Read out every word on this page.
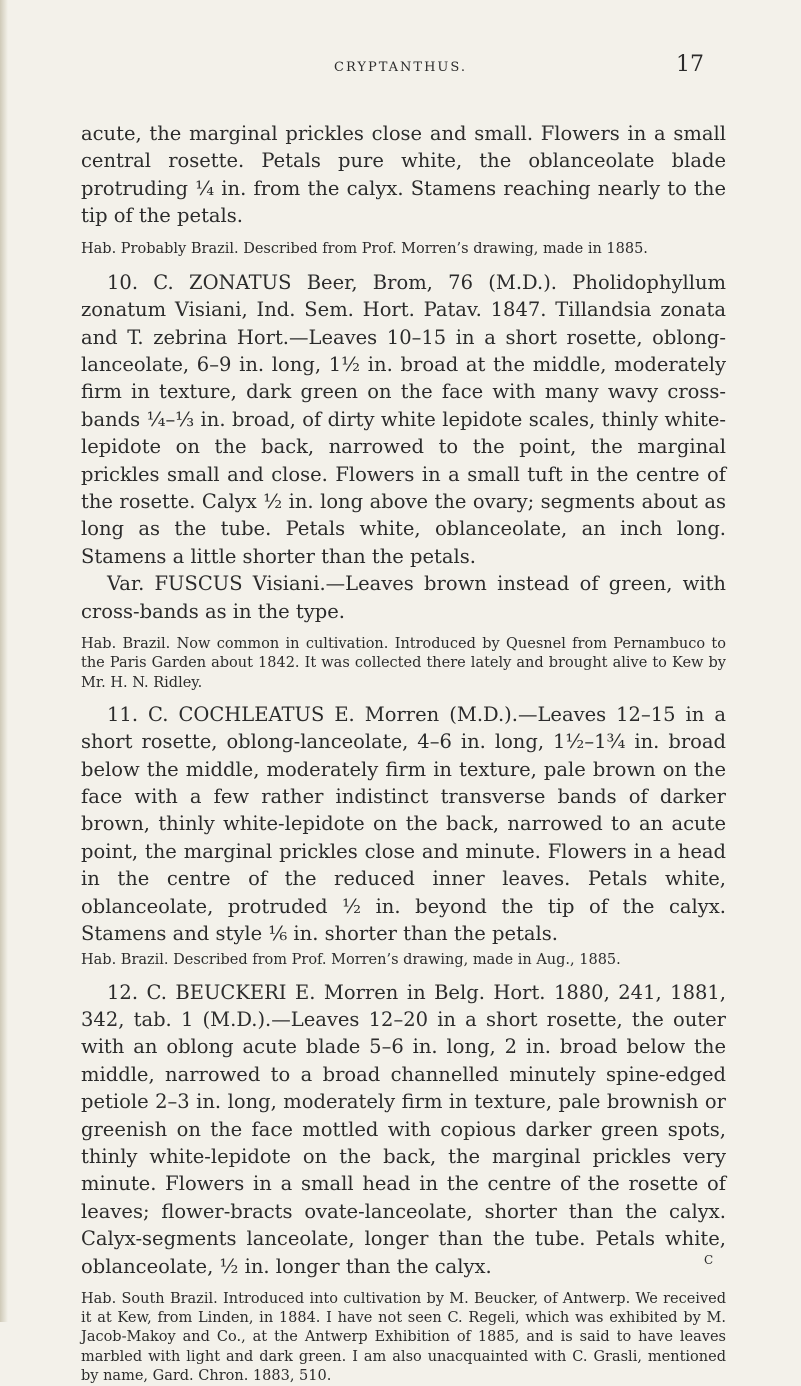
CRYPTANTHUS.	17

acute, the marginal prickles close and small. Flowers in a small central rosette. Petals pure white, the oblanceolate blade protruding ¼ in. from the calyx. Stamens reaching nearly to the tip of the petals.

Hab. Probably Brazil. Described from Prof. Morren’s drawing, made in 1885.

10. C. ZONATUS Beer, Brom, 76 (M.D.). Pholidophyllum zonatum Visiani, Ind. Sem. Hort. Patav. 1847. Tillandsia zonata and T. zebrina Hort.—Leaves 10–15 in a short rosette, oblong-lanceolate, 6–9 in. long, 1½ in. broad at the middle, moderately firm in texture, dark green on the face with many wavy cross-bands ¼–⅓ in. broad, of dirty white lepidote scales, thinly white-lepidote on the back, narrowed to the point, the marginal prickles small and close. Flowers in a small tuft in the centre of the rosette. Calyx ½ in. long above the ovary; segments about as long as the tube. Petals white, oblanceolate, an inch long. Stamens a little shorter than the petals.

Var. FUSCUS Visiani.—Leaves brown instead of green, with cross-bands as in the type.

Hab. Brazil. Now common in cultivation. Introduced by Quesnel from Pernambuco to the Paris Garden about 1842. It was collected there lately and brought alive to Kew by Mr. H. N. Ridley.

11. C. COCHLEATUS E. Morren (M.D.).—Leaves 12–15 in a short rosette, oblong-lanceolate, 4–6 in. long, 1½–1¾ in. broad below the middle, moderately firm in texture, pale brown on the face with a few rather indistinct transverse bands of darker brown, thinly white-lepidote on the back, narrowed to an acute point, the marginal prickles close and minute. Flowers in a head in the centre of the reduced inner leaves. Petals white, oblanceolate, protruded ½ in. beyond the tip of the calyx. Stamens and style ⅙ in. shorter than the petals.

Hab. Brazil. Described from Prof. Morren’s drawing, made in Aug., 1885.

12. C. BEUCKERI E. Morren in Belg. Hort. 1880, 241, 1881, 342, tab. 1 (M.D.).—Leaves 12–20 in a short rosette, the outer with an oblong acute blade 5–6 in. long, 2 in. broad below the middle, narrowed to a broad channelled minutely spine-edged petiole 2–3 in. long, moderately firm in texture, pale brownish or greenish on the face mottled with copious darker green spots, thinly white-lepidote on the back, the marginal prickles very minute. Flowers in a small head in the centre of the rosette of leaves; flower-bracts ovate-lanceolate, shorter than the calyx. Calyx-segments lanceolate, longer than the tube. Petals white, oblanceolate, ½ in. longer than the calyx.

Hab. South Brazil. Introduced into cultivation by M. Beucker, of Antwerp. We received it at Kew, from Linden, in 1884. I have not seen C. Regeli, which was exhibited by M. Jacob-Makoy and Co., at the Antwerp Exhibition of 1885, and is said to have leaves marbled with light and dark green. I am also unacquainted with C. Grasli, mentioned by name, Gard. Chron. 1883, 510.

C
